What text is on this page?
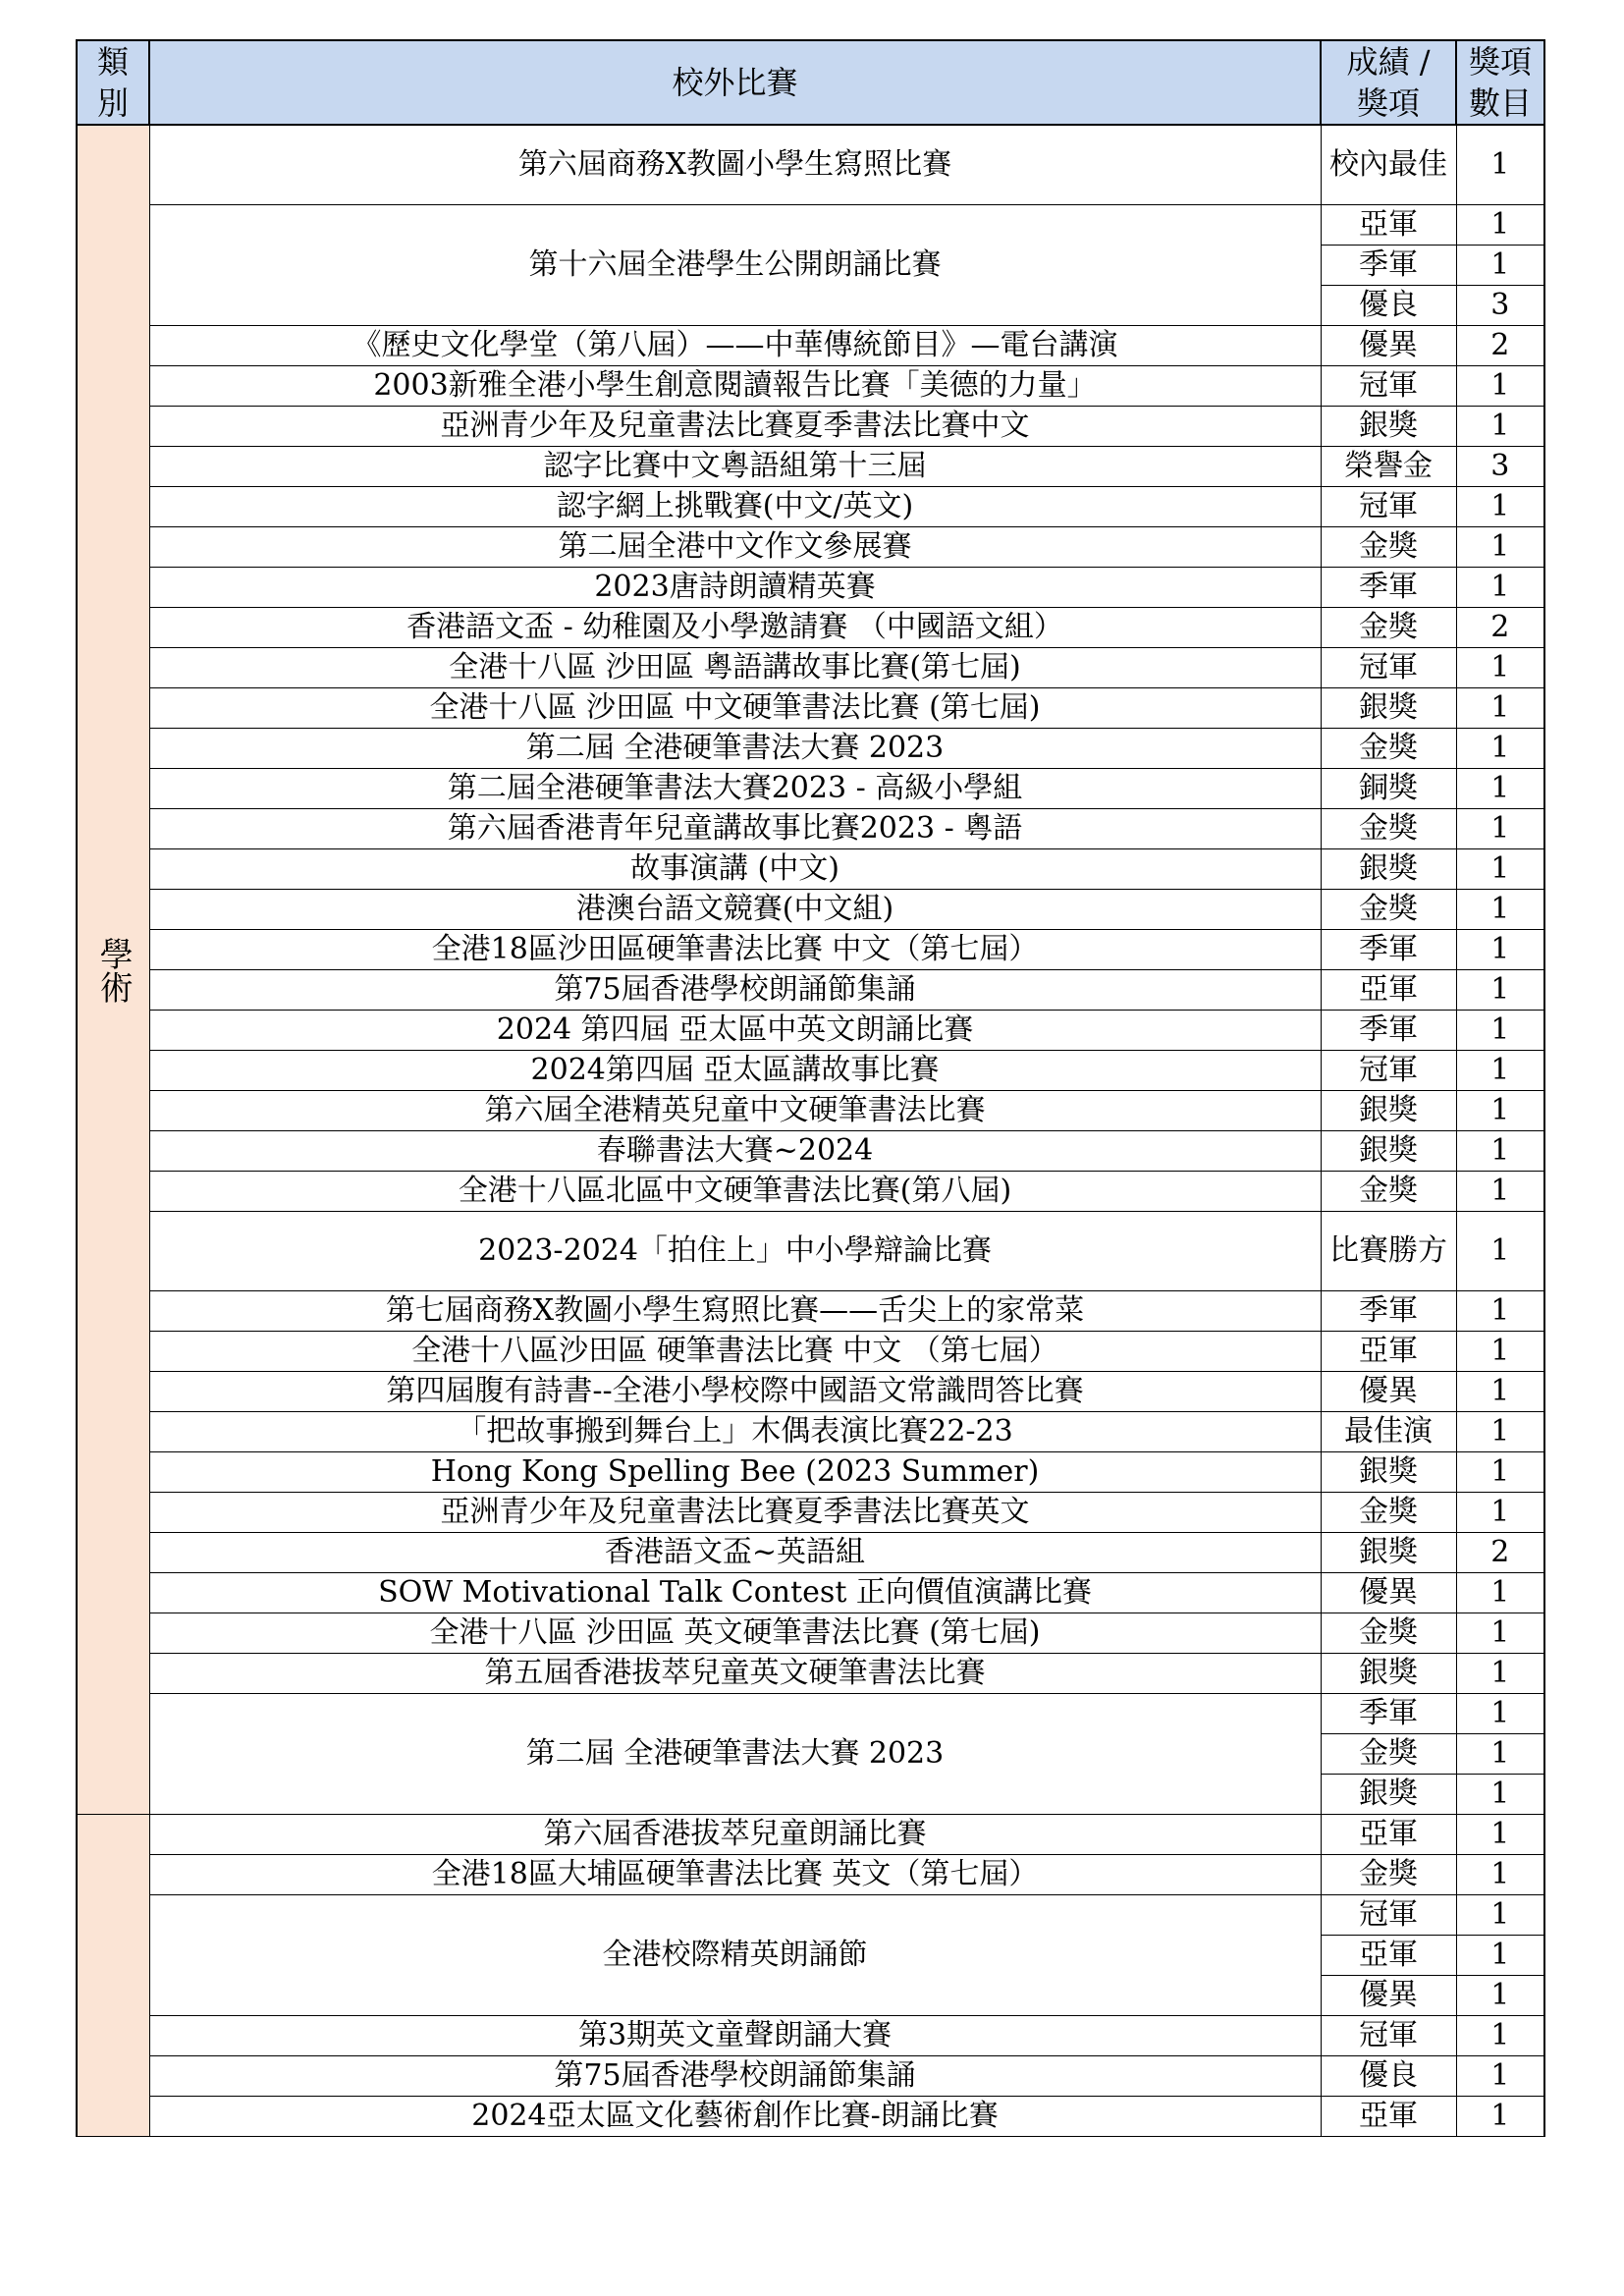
類別	校外比賽	成績 / 獎項	獎項數目
學術	第六屆商務X教圖小學生寫照比賽	校內最佳	1
	第十六屆全港學生公開朗誦比賽	亞軍	1
		季軍	1
		優良	3
	《歷史文化學堂（第八屆）——中華傳統節目》—電台講演	優異	2
	2003新雅全港小學生創意閱讀報告比賽「美德的力量」	冠軍	1
	亞洲青少年及兒童書法比賽夏季書法比賽中文	銀獎	1
	認字比賽中文粵語組第十三屆	榮譽金	3
	認字網上挑戰賽(中文/英文)	冠軍	1
	第二屆全港中文作文參展賽	金獎	1
	2023唐詩朗讀精英賽	季軍	1
	香港語文盃 - 幼稚園及小學邀請賽 （中國語文組）	金獎	2
	全港十八區 沙田區 粵語講故事比賽(第七屆)	冠軍	1
	全港十八區 沙田區 中文硬筆書法比賽 (第七屆)	銀獎	1
	第二屆 全港硬筆書法大賽 2023	金獎	1
	第二屆全港硬筆書法大賽2023 - 高級小學組	銅獎	1
	第六屆香港青年兒童講故事比賽2023 - 粵語	金獎	1
	故事演講 (中文)	銀獎	1
	港澳台語文競賽(中文組)	金獎	1
	全港18區沙田區硬筆書法比賽 中文（第七屆）	季軍	1
	第75屆香港學校朗誦節集誦	亞軍	1
	2024 第四屆 亞太區中英文朗誦比賽	季軍	1
	2024第四屆 亞太區講故事比賽	冠軍	1
	第六屆全港精英兒童中文硬筆書法比賽	銀獎	1
	春聯書法大賽~2024	銀獎	1
	全港十八區北區中文硬筆書法比賽(第八屆)	金獎	1
	2023-2024「拍住上」中小學辯論比賽	比賽勝方	1
	第七屆商務X教圖小學生寫照比賽——舌尖上的家常菜	季軍	1
	全港十八區沙田區 硬筆書法比賽 中文 （第七屆）	亞軍	1
	第四屆腹有詩書--全港小學校際中國語文常識問答比賽	優異	1
	「把故事搬到舞台上」木偶表演比賽22-23	最佳演	1
	Hong Kong Spelling Bee (2023 Summer)	銀獎	1
	亞洲青少年及兒童書法比賽夏季書法比賽英文	金獎	1
	香港語文盃~英語組	銀獎	2
	SOW Motivational Talk Contest 正向價值演講比賽	優異	1
	全港十八區 沙田區 英文硬筆書法比賽 (第七屆)	金獎	1
	第五屆香港拔萃兒童英文硬筆書法比賽	銀獎	1
	第二屆 全港硬筆書法大賽 2023	季軍	1
		金獎	1
		銀獎	1
	第六屆香港拔萃兒童朗誦比賽	亞軍	1
	全港18區大埔區硬筆書法比賽 英文（第七屆）	金獎	1
	全港校際精英朗誦節	冠軍	1
		亞軍	1
		優異	1
	第3期英文童聲朗誦大賽	冠軍	1
	第75屆香港學校朗誦節集誦	優良	1
	2024亞太區文化藝術創作比賽-朗誦比賽	亞軍	1
